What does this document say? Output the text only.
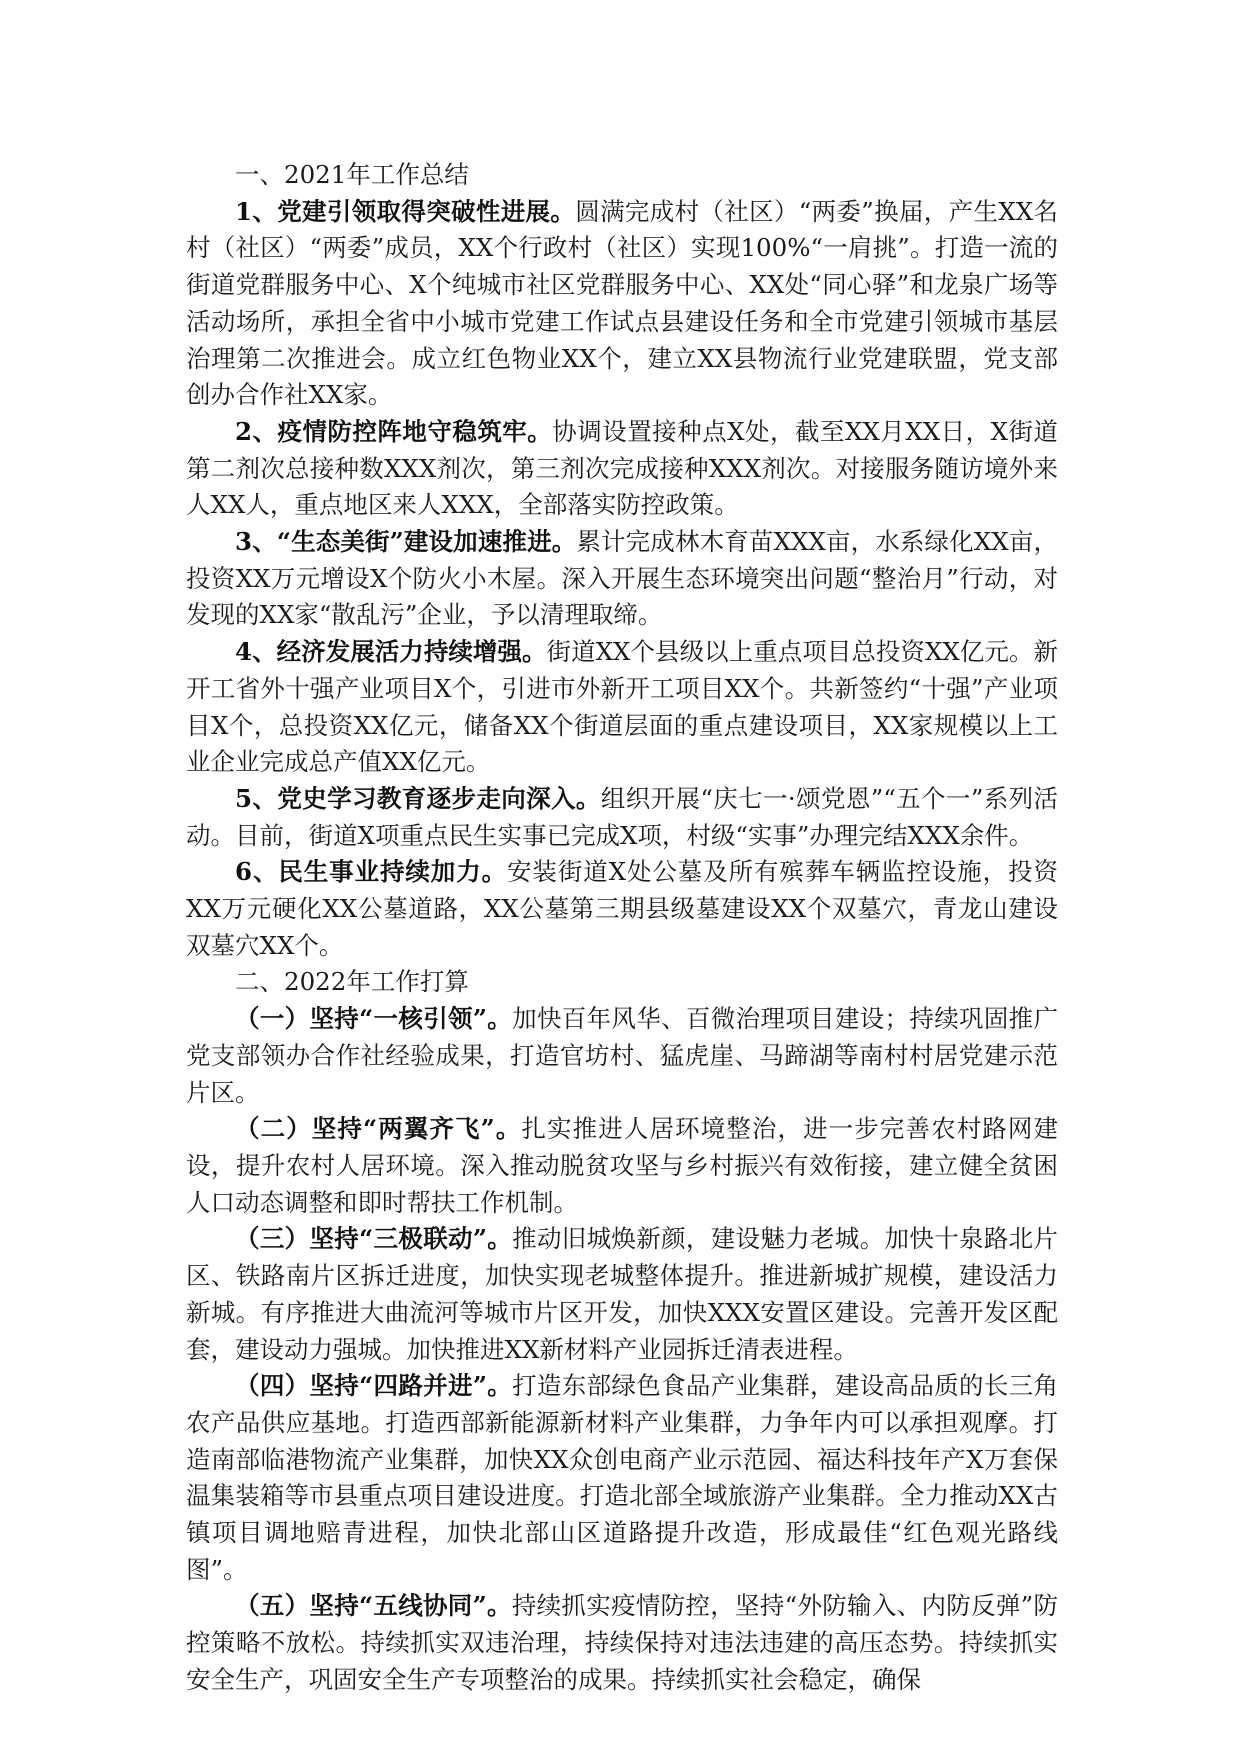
一、2021年工作总结

1、党建引领取得突破性进展。圆满完成村（社区）“两委”换届，产生XX名村（社区）“两委”成员，XX个行政村（社区）实现100%“一肩挑”。打造一流的街道党群服务中心、X个纯城市社区党群服务中心、XX处“同心驿”和龙泉广场等活动场所，承担全省中小城市党建工作试点县建设任务和全市党建引领城市基层治理第二次推进会。成立红色物业XX个，建立XX县物流行业党建联盟，党支部创办合作社XX家。

2、疫情防控阵地守稳筑牢。协调设置接种点X处，截至XX月XX日，X街道第二剂次总接种数XXX剂次，第三剂次完成接种XXX剂次。对接服务随访境外来人XX人，重点地区来人XXX，全部落实防控政策。

3、“生态美街”建设加速推进。累计完成林木育苗XXX亩，水系绿化XX亩，投资XX万元增设X个防火小木屋。深入开展生态环境突出问题“整治月”行动，对发现的XX家“散乱污”企业，予以清理取缔。

4、经济发展活力持续增强。街道XX个县级以上重点项目总投资XX亿元。新开工省外十强产业项目X个，引进市外新开工项目XX个。共新签约“十强”产业项目X个，总投资XX亿元，储备XX个街道层面的重点建设项目，XX家规模以上工业企业完成总产值XX亿元。

5、党史学习教育逐步走向深入。组织开展“庆七一·颂党恩”“五个一”系列活动。目前，街道X项重点民生实事已完成X项，村级“实事”办理完结XXX余件。

6、民生事业持续加力。安装街道X处公墓及所有殡葬车辆监控设施，投资XX万元硬化XX公墓道路，XX公墓第三期县级墓建设XX个双墓穴，青龙山建设双墓穴XX个。

二、2022年工作打算

（一）坚持“一核引领”。加快百年风华、百微治理项目建设；持续巩固推广党支部领办合作社经验成果，打造官坊村、猛虎崖、马蹄湖等南村村居党建示范片区。

（二）坚持“两翼齐飞”。扎实推进人居环境整治，进一步完善农村路网建设，提升农村人居环境。深入推动脱贫攻坚与乡村振兴有效衔接，建立健全贫困人口动态调整和即时帮扶工作机制。

（三）坚持“三极联动”。推动旧城焕新颜，建设魅力老城。加快十泉路北片区、铁路南片区拆迁进度，加快实现老城整体提升。推进新城扩规模，建设活力新城。有序推进大曲流河等城市片区开发，加快XXX安置区建设。完善开发区配套，建设动力强城。加快推进XX新材料产业园拆迁清表进程。

（四）坚持“四路并进”。打造东部绿色食品产业集群，建设高品质的长三角农产品供应基地。打造西部新能源新材料产业集群，力争年内可以承担观摩。打造南部临港物流产业集群，加快XX众创电商产业示范园、福达科技年产X万套保温集装箱等市县重点项目建设进度。打造北部全域旅游产业集群。全力推动XX古镇项目调地赔青进程，加快北部山区道路提升改造，形成最佳“红色观光路线图”。

（五）坚持“五线协同”。持续抓实疫情防控，坚持“外防输入、内防反弹”防控策略不放松。持续抓实双违治理，持续保持对违法违建的高压态势。持续抓实安全生产，巩固安全生产专项整治的成果。持续抓实社会稳定，确保
